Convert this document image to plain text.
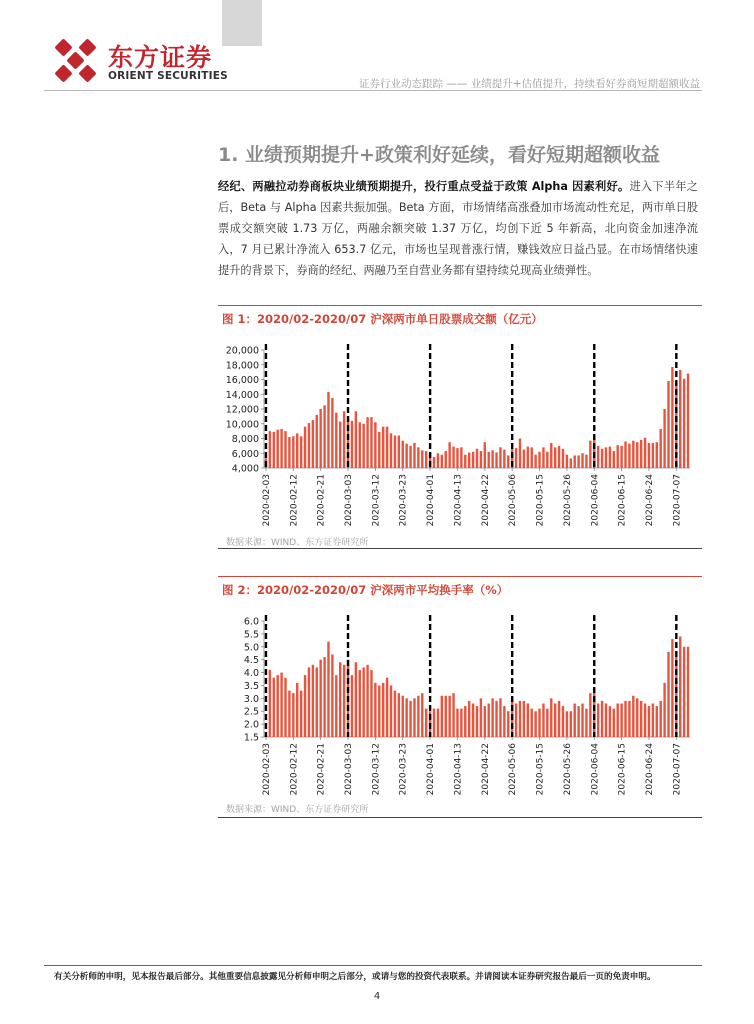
东方证券
ORIENT SECURITIES
证券行业动态跟踪 —— 业绩提升+估值提升，持续看好券商短期超额收益
1. 业绩预期提升+政策利好延续，看好短期超额收益
经纪、两融拉动券商板块业绩预期提升，投行重点受益于政策 Alpha 因素利好。进入下半年之后，Beta 与 Alpha 因素共振加强。Beta 方面，市场情绪高涨叠加市场流动性充足，两市单日股票成交额突破 1.73 万亿，两融余额突破 1.37 万亿，均创下近 5 年新高，北向资金加速净流入，7 月已累计净流入 653.7 亿元，市场也呈现普涨行情，赚钱效应日益凸显。在市场情绪快速提升的背景下，券商的经纪、两融乃至自营业务都有望持续兑现高业绩弹性。
图 1：2020/02-2020/07 沪深两市单日股票成交额（亿元）
4,000
6,000
8,000
10,000
12,000
14,000
16,000
18,000
20,000
2020-02-03 2020-02-12 2020-02-21 2020-03-03 2020-03-12 2020-03-23 2020-04-01 2020-04-13 2020-04-22 2020-05-06 2020-05-15 2020-05-26 2020-06-04 2020-06-15 2020-06-24 2020-07-07
数据来源：WIND、东方证券研究所
图 2：2020/02-2020/07 沪深两市平均换手率（%）
1.5
2.0
2.5
3.0
3.5
4.0
4.5
5.0
5.5
6.0
2020-02-03 2020-02-12 2020-02-21 2020-03-03 2020-03-12 2020-03-23 2020-04-01 2020-04-13 2020-04-22 2020-05-06 2020-05-15 2020-05-26 2020-06-04 2020-06-15 2020-06-24 2020-07-07
数据来源：WIND、东方证券研究所
有关分析师的申明，见本报告最后部分。其他重要信息披露见分析师申明之后部分，或请与您的投资代表联系。并请阅读本证券研究报告最后一页的免责申明。
4
